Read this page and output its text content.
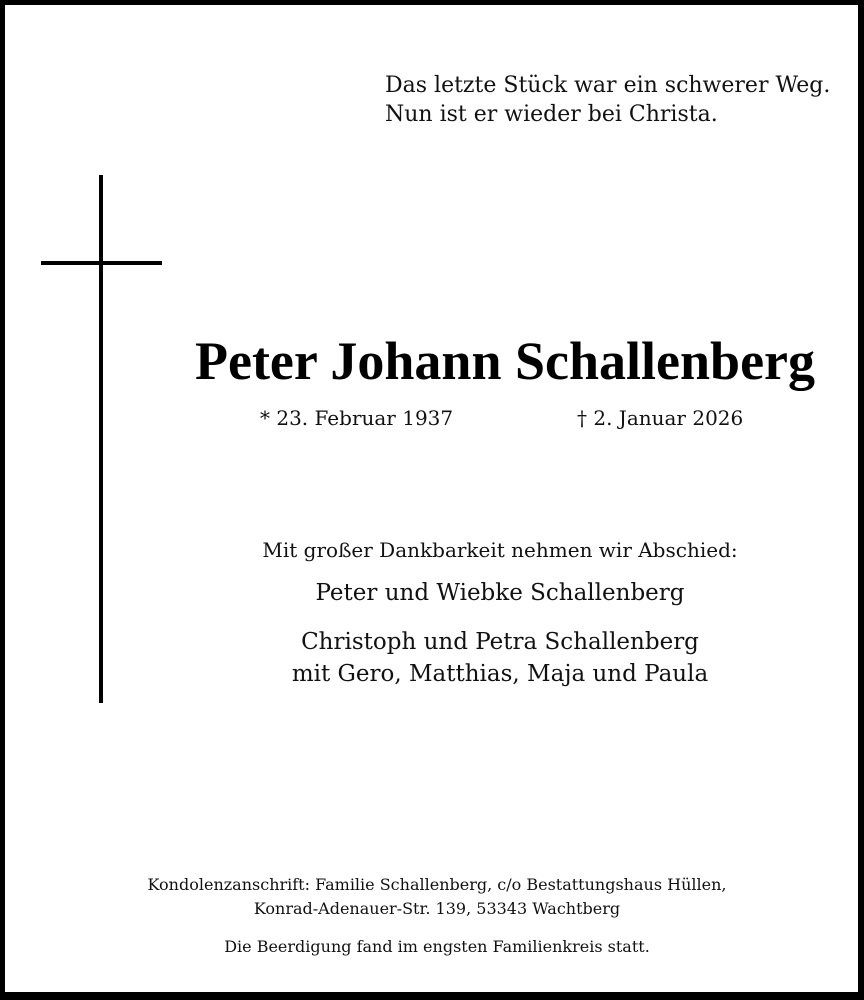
Das letzte Stück war ein schwerer Weg.
Nun ist er wieder bei Christa.
Peter Johann Schallenberg
* 23. Februar 1937	† 2. Januar 2026
Mit großer Dankbarkeit nehmen wir Abschied:
Peter und Wiebke Schallenberg
Christoph und Petra Schallenberg
mit Gero, Matthias, Maja und Paula
Kondolenzanschrift: Familie Schallenberg, c/o Bestattungshaus Hüllen,
Konrad-Adenauer-Str. 139, 53343 Wachtberg
Die Beerdigung fand im engsten Familienkreis statt.
